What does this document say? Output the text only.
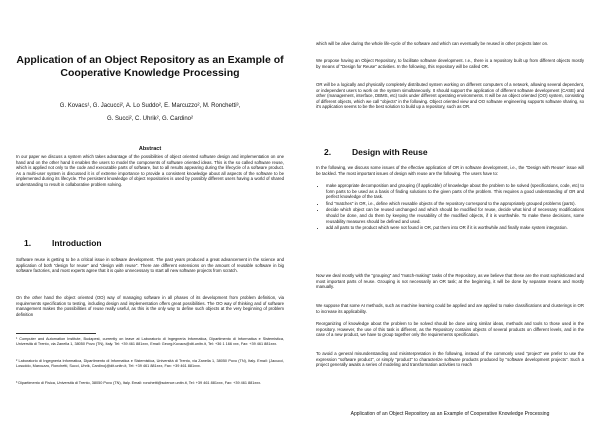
Application of an Object Repository as an Example of Cooperative Knowledge Processing
G. Kovacs¹, G. Jacucci², A. Lo Suddo², E. Marcuzzo², M. Ronchetti³,
G. Succi², C. Uhrik², G. Cardino²
Abstract

In our paper we discuss a system which takes advantage of the possibilities of object oriented software design and implementation on one hand and on the other hand it enables the users to model the components of software oriented ideas. This is the so called software reuse, which is applied not only to the code and executable parts of software, but to all results appearing during the lifecycle of a software product. As a multi-user system is discussed it is of extreme importance to provide a consistent knowledge about all aspects of the software to be implemented during its lifecycle. The persistent knowledge of object repositories is used by possibly different users having a world of shared understanding to result in collaborative problem solving.

1. Introduction

Software reuse is getting to be a critical issue in software development. The past years produced a great advancement in the science and application of both "design for reuse" and "design with reuse". There are different extensions on the amount of reusable software in big software factories, and most experts agree that it is quite unnecessary to start all new software projects from scratch.

On the other hand the object oriented (OO) way of managing software in all phases of its development from problem definition, via requirements specification to testing, including design and implementation offers great possibilities. The OO way of thinking and of software management makes the possibilities of reuse really useful, as this is the only way to define such objects at the very beginning of problem definition

¹ Computer and Automation Institute, Budapest, currently on leave at Laboratorio di Ingegneria Informatica, Dipartimento di Informatica e Sistemistica, Università di Trento, via Zanella 1, 38050 Povo (TN), Italy. Tel: +39 461 881xxx, Email: Georg.Kovacs@dit.unitn.it, Tel: +36 1 166 xxx, Fax: +39 461 881xxx.

² Laboratorio di Ingegneria Informatica, Dipartimento di Informatica e Sistemistica, Università di Trento, via Zanella 1, 38050 Povo (TN), Italy. Email: {Jacucci, Losuddo, Marcuzzo, Ronchetti, Succi, Uhrik, Cardino}@dit.unitn.it, Tel: +39 461 881xxx, Fax: +39 461 881xxx.

³ Dipartimento di Fisica, Università di Trento, 38050 Povo (TN), Italy. Email: ronchetti@science.unitn.it, Tel: +39 461 881xxx, Fax: +39 461 881xxx.

which will be alive during the whole life-cycle of the software and which can eventually be reused in other projects later on.

We propose having an Object Repository, to facilitate software development. I.e., there is a repository built up from different objects mostly by means of "Design for Reuse" activities. In the following, this repository will be called OR.

OR will be a logically and physically completely distributed system working on different computers of a network, allowing several dependent, or independent users to work on the system simultaneously. It should support the application of different software development (CASE) and other (management, interface, DBMS, etc) tools under different operating environments. It will be an object oriented (OO) system, consisting of different objects, which we call "objects" in the following. Object oriented view and OO software engineering supports software sharing, so it's application seems to be the best solution to build up a repository, such as OR.

2. Design with Reuse

In the following, we discuss some issues of the effective application of OR in software development, i.e., the "Design with Reuse" issue will be tackled. The most important issues of design with reuse are the following. The users have to:

• make appropriate decomposition and grouping (if applicable) of knowledge about the problem to be solved (specifications, code, etc) to form parts to be used as a basis of finding solutions to the given parts of the problem. This requires a good understanding of OR and perfect knowledge of the task.
• find "matches" in OR, i.e., define which reusable objects of the repository correspond to the appropriately grouped problems (parts).
• decide which object can be reused unchanged and which should be modified for reuse, decide what kind of necessary modifications should be done, and do them by keeping the reusability of the modified objects, if it is worthwhile. To make these decisions, some reusability measures should be defined and used.
• add all parts to the product which were not found in OR, put them into OR if it is worthwhile and finally make system integration.

Now we deal mostly with the "grouping" and "match-making" tasks of the Repository, as we believe that these are the most sophisticated and most important parts of reuse. Grouping is not necessarily an OR task; at the beginning, it will be done by separate means and mostly manually.

We suppose that some AI methods, such as machine learning could be applied and are applied to make classifications and clusterings in OR to increase its applicability.

Reorganizing of knowledge about the problem to be solved should be done using similar ideas, methods and tools to those used in the repository. However, the use of this task is different, as the Repository contains objects of several products on different levels, and in the case of a new product, we have to group together only the requirements specification.

To avoid a general misunderstanding and misinterpretation in the following, instead of the commonly used "project" we prefer to use the expression "software product", or simply "product" to characterize software products produced by "software development projects". Such a project generally awaits a series of modeling and transformation activities to reach

Application of an Object Repository as an Example of Cooperative Knowledge Processing
